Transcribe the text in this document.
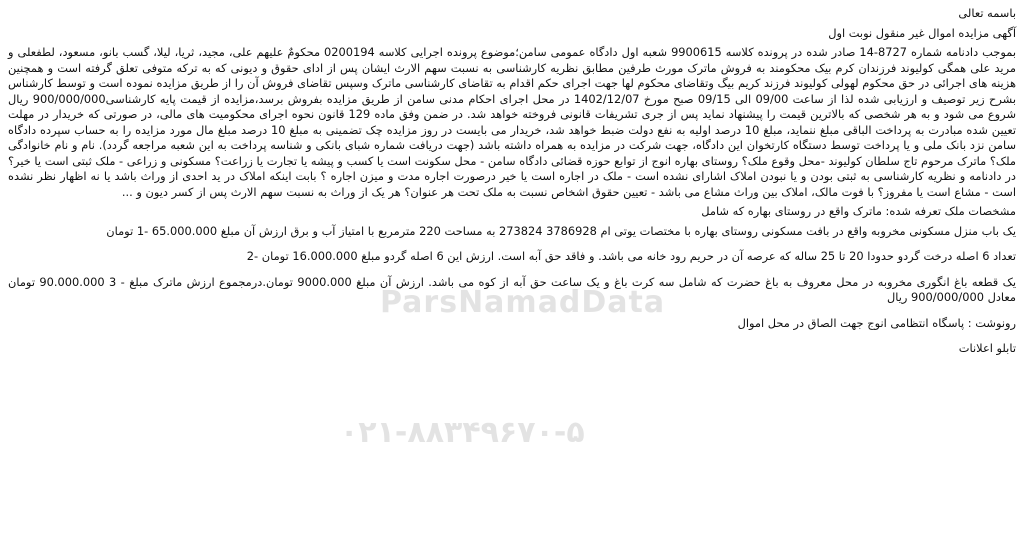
باسمه تعالی
آگهی مزایده اموال غیر منقول نوبت اول
بموجب دادنامه شماره 8727-14 صادر شده در پرونده کلاسه 9900615 شعبه اول دادگاه عمومی سامن؛موضوع پرونده اجرایی کلاسه 0200194 محکومٌ علیهم علی، مجید، ثریا، لیلا، گسب بانو، مسعود، لطفعلی و مرید علی همگی کولیوند فرزندان کرم بیک محکومند به فروش ماترک مورث طرفین مطابق نظریه کارشناسی به نسبت سهم الارث ایشان پس از ادای حقوق و دیونی که به ترکه متوفی تعلق گرفته است و همچنین هزینه های اجرائی در حق محکوم لهولی کولیوند فرزند کریم بیگ وتقاضای محکوم لها جهت اجرای حکم اقدام به تقاضای کارشناسی ماترک وسپس تقاضای فروش آن را از طریق مزایده نموده است و توسط کارشناس بشرح زیر توصیف و ارزیابی شده لذا از ساعت 09/00 الی 09/15 صبح مورخ 1402/12/07 در محل اجرای احکام مدنی سامن از طریق مزایده بفروش برسد،مزایده از قیمت پایه کارشناسی900/000/000 ریال شروع می شود و به هر شخصی که بالاترین قیمت را پیشنهاد نماید پس از جری تشریفات قانونی فروخته خواهد شد. در ضمن وفق ماده 129 قانون نحوه اجرای محکومیت های مالی، در صورتی که خریدار در مهلت تعیین شده مبادرت به پرداخت الباقی مبلغ ننماید، مبلغ 10 درصد اولیه به نفع دولت ضبط خواهد شد، خریدار می بایست در روز مزایده چک تضمینی به مبلغ 10 درصد مبلغ مال مورد مزایده را به حساب سپرده دادگاه سامن نزد بانک ملی و یا پرداخت توسط دستگاه کارتخوان این دادگاه، جهت شرکت در مزایده به همراه داشته باشد (جهت دریافت شماره شبای بانکی و شناسه پرداخت به این شعبه مراجعه گردد). نام و نام خانوادگی ملک؟ ماترک مرحوم تاج سلطان کولیوند -محل وقوع ملک؟ روستای بهاره انوج از توابع حوزه قضائی دادگاه سامن - محل سکونت است یا کسب و پیشه یا تجارت یا زراعت؟ مسکونی و زراعی - ملک ثبتی است یا خیر؟ در دادنامه و نظریه کارشناسی به ثبتی بودن و یا نبودن املاک اشارای نشده است - ملک در اجاره است یا خیر درصورت اجاره مدت و میزن اجاره ؟ بابت اینکه املاک در ید احدی از وراث باشد یا نه اظهار نظر نشده است - مشاع است یا مفروز؟ با فوت مالک، املاک بین وراث مشاع می باشد - تعیین حقوق اشخاص نسبت به ملک تحت هر عنوان؟ هر یک از وراث به نسبت سهم الارث پس از کسر دیون و ...
مشخصات ملک تعرفه شده: ماترک واقع در روستای بهاره که شامل
یک باب منزل مسکونی مخروبه واقع در بافت مسکونی روستای بهاره با مختصات یوتی ام 3786928 273824 به مساحت 220 مترمربع با امتیاز آب و برق ارزش آن مبلغ 65.000.000 -1 تومان
تعداد 6 اصله درخت گردو حدودا 20 تا 25 ساله که عرصه آن در حریم رود خانه می باشد. و فاقد حق آبه است. ارزش این 6 اصله گردو مبلغ 16.000.000 تومان -2
یک قطعه باغ انگوری مخروبه در محل معروف به باغ حضرت که شامل سه کرت باغ و یک ساعت حق آبه از کوه می باشد. ارزش آن مبلغ 9000.000 تومان.درمجموع ارزش ماترک مبلغ - 3 90.000.000 تومان معادل 900/000/000 ریال
رونوشت : پاسگاه انتظامی انوج جهت الصاق در محل اموال
تابلو اعلانات
ParsNamadData
۰۲۱-۸۸۳۴۹۶۷۰-۵
